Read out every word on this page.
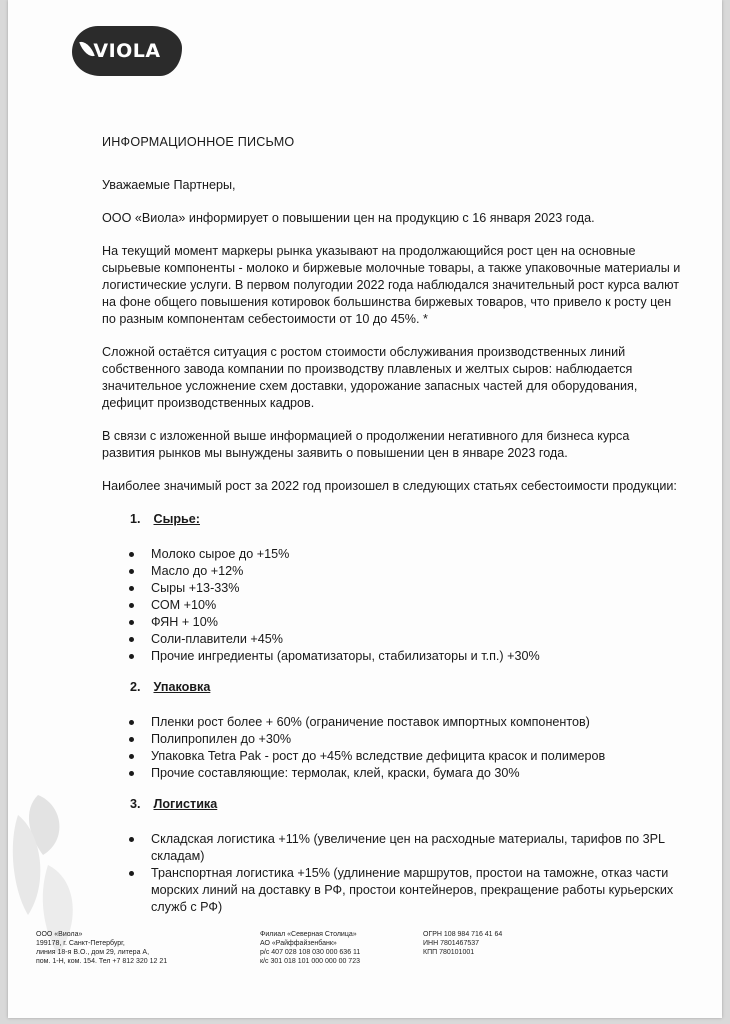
VIOLA
ИНФОРМАЦИОННОЕ ПИСЬМО

Уважаемые Партнеры,

ООО «Виола» информирует о повышении цен на продукцию с 16 января 2023 года.

На текущий момент маркеры рынка указывают на продолжающийся рост цен на основные
сырьевые компоненты - молоко и биржевые молочные товары, а также упаковочные материалы и
логистические услуги. В первом полугодии 2022 года наблюдался значительный рост курса валют
на фоне общего повышения котировок большинства биржевых товаров, что привело к росту цен
по разным компонентам себестоимости от 10 до 45%. *

Сложной остаётся ситуация с ростом стоимости обслуживания производственных линий
собственного завода компании по производству плавленых и желтых сыров: наблюдается
значительное усложнение схем доставки, удорожание запасных частей для оборудования,
дефицит производственных кадров.

В связи с изложенной выше информацией о продолжении негативного для бизнеса курса
развития рынков мы вынуждены заявить о повышении цен в январе 2023 года.

Наиболее значимый рост за 2022 год произошел в следующих статьях себестоимости продукции:

1. Сырье:
Молоко сырое до +15%
Масло до +12%
Сыры +13-33%
СОМ +10%
ФЯН + 10%
Соли-плавители +45%
Прочие ингредиенты (ароматизаторы, стабилизаторы и т.п.) +30%
2. Упаковка
Пленки рост более + 60% (ограничение поставок импортных компонентов)
Полипропилен до +30%
Упаковка Tetra Pak - рост до +45% вследствие дефицита красок и полимеров
Прочие составляющие: термолак, клей, краски, бумага до 30%
3. Логистика
Складская логистика +11% (увеличение цен на расходные материалы, тарифов по 3PL
складам)
Транспортная логистика +15% (удлинение маршрутов, простои на таможне, отказ части
морских линий на доставку в РФ, простои контейнеров, прекращение работы курьерских
служб с РФ)
ООО «Виола»
199178, г. Санкт-Петербург,
линия 18-я В.О., дом 29, литера А,
пом. 1-Н, ком. 154. Тел +7 812 320 12 21
Филиал «Северная Столица»
АО «Райффайзенбанк»
р/с 407 028 108 030 000 636 11
к/с 301 018 101 000 000 00 723
ОГРН 108 984 716 41 64
ИНН 7801467537
КПП 780101001
